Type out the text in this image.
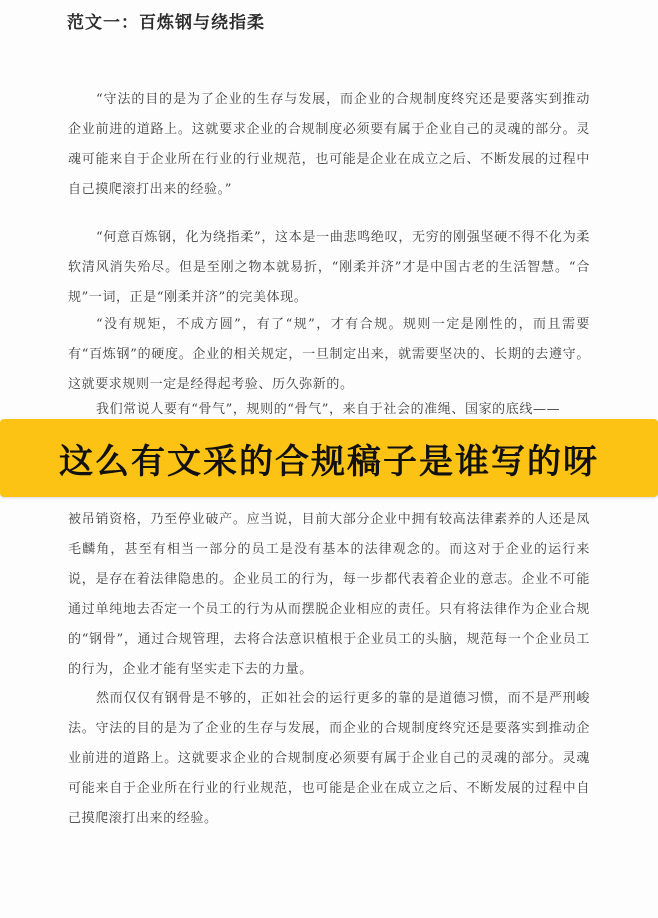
范文一：百炼钢与绕指柔

“守法的目的是为了企业的生存与发展，而企业的合规制度终究还是要落实到推动企业前进的道路上。这就要求企业的合规制度必须要有属于企业自己的灵魂的部分。灵魂可能来自于企业所在行业的行业规范，也可能是企业在成立之后、不断发展的过程中自己摸爬滚打出来的经验。”

“何意百炼钢，化为绕指柔”，这本是一曲悲鸣绝叹，无穷的刚强坚硬不得不化为柔软清风消失殆尽。但是至刚之物本就易折，“刚柔并济”才是中国古老的生活智慧。“合规”一词，正是“刚柔并济”的完美体现。

“没有规矩，不成方圆”，有了“规”，才有合规。规则一定是刚性的，而且需要有“百炼钢”的硬度。企业的相关规定，一旦制定出来，就需要坚决的、长期的去遵守。这就要求规则一定是经得起考验、历久弥新的。

我们常说人要有“骨气”，规则的“骨气”，来自于社会的准绳、国家的底线——

被吊销资格，乃至停业破产。应当说，目前大部分企业中拥有较高法律素养的人还是凤毛麟角，甚至有相当一部分的员工是没有基本的法律观念的。而这对于企业的运行来说，是存在着法律隐患的。企业员工的行为，每一步都代表着企业的意志。企业不可能通过单纯地去否定一个员工的行为从而摆脱企业相应的责任。只有将法律作为企业合规的“钢骨”，通过合规管理，去将合法意识植根于企业员工的头脑，规范每一个企业员工的行为，企业才能有坚实走下去的力量。

然而仅仅有钢骨是不够的，正如社会的运行更多的靠的是道德习惯，而不是严刑峻法。守法的目的是为了企业的生存与发展，而企业的合规制度终究还是要落实到推动企业前进的道路上。这就要求企业的合规制度必须要有属于企业自己的灵魂的部分。灵魂可能来自于企业所在行业的行业规范，也可能是企业在成立之后、不断发展的过程中自己摸爬滚打出来的经验。

这么有文采的合规稿子是谁写的呀
